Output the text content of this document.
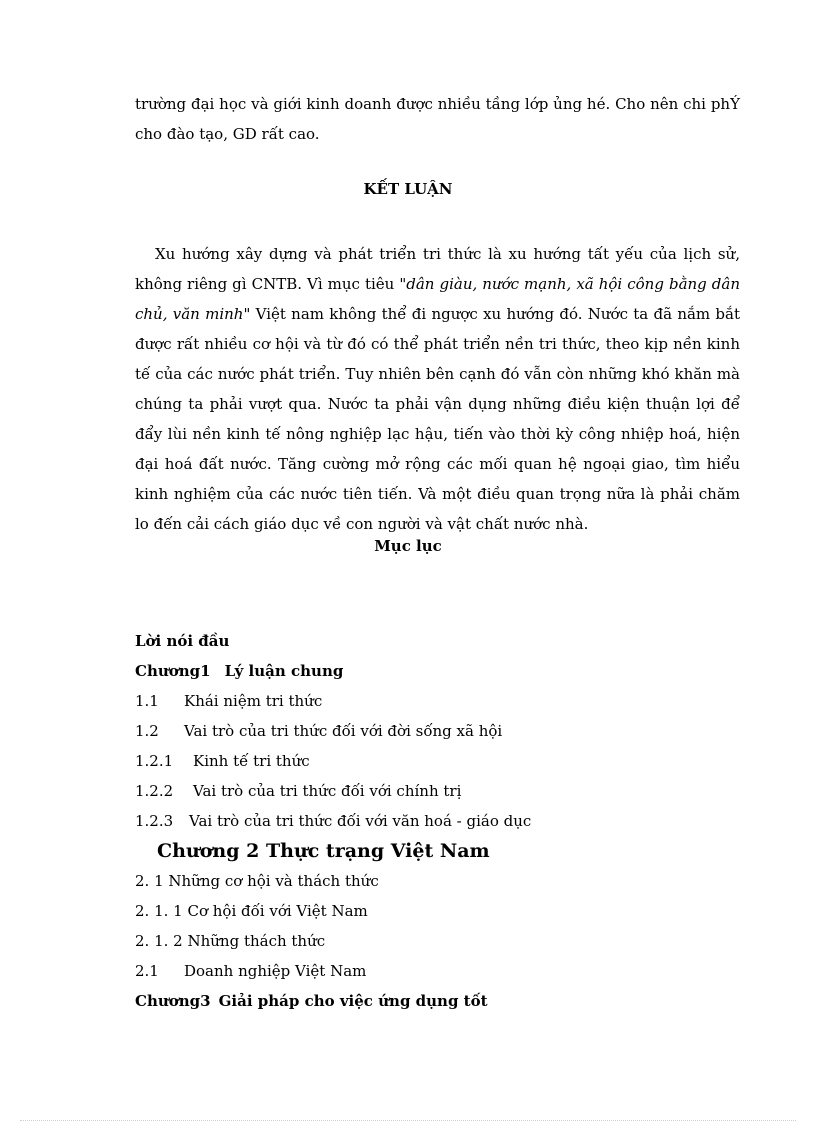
trường đại học và giới kinh doanh được nhiều tầng lớp ủng hé. Cho nên chi phÝ cho đào tạo, GD rất cao.

KẾT LUẬN

Xu hướng xây dựng và phát triển tri thức là xu hướng tất yếu của lịch sử, không riêng gì CNTB. Vì mục tiêu "dân giàu, nước mạnh, xã hội công bằng dân chủ, văn minh" Việt nam không thể đi ngược xu hướng đó. Nước ta đã nắm bắt được rất nhiều cơ hội và từ đó có thể phát triển nền tri thức, theo kịp nền kinh tế của các nước phát triển. Tuy nhiên bên cạnh đó vẫn còn những khó khăn mà chúng ta phải vượt qua. Nước ta phải vận dụng những điều kiện thuận lợi để đẩy lùi nền kinh tế nông nghiệp lạc hậu, tiến vào thời kỳ công nhiệp hoá, hiện đại hoá đất nước. Tăng cường mở rộng các mối quan hệ ngoại giao, tìm hiểu kinh nghiệm của các nước tiên tiến. Và một điều quan trọng nữa là phải chăm lo đến cải cách giáo dục về con người và vật chất nước nhà.

Mục lục

Lời nói đầu
Chương1 Lý luận chung
1.1 Khái niệm tri thức
1.2 Vai trò của tri thức đối với đời sống xã hội
1.2.1 Kinh tế tri thức
1.2.2 Vai trò của tri thức đối với chính trị
1.2.3 Vai trò của tri thức đối với văn hoá - giáo dục
Chương 2 Thực trạng Việt Nam
2. 1 Những cơ hội và thách thức
2. 1. 1 Cơ hội đối với Việt Nam
2. 1. 2 Những thách thức
2.1 Doanh nghiệp Việt Nam
Chương3 Giải pháp cho việc ứng dụng tốt
